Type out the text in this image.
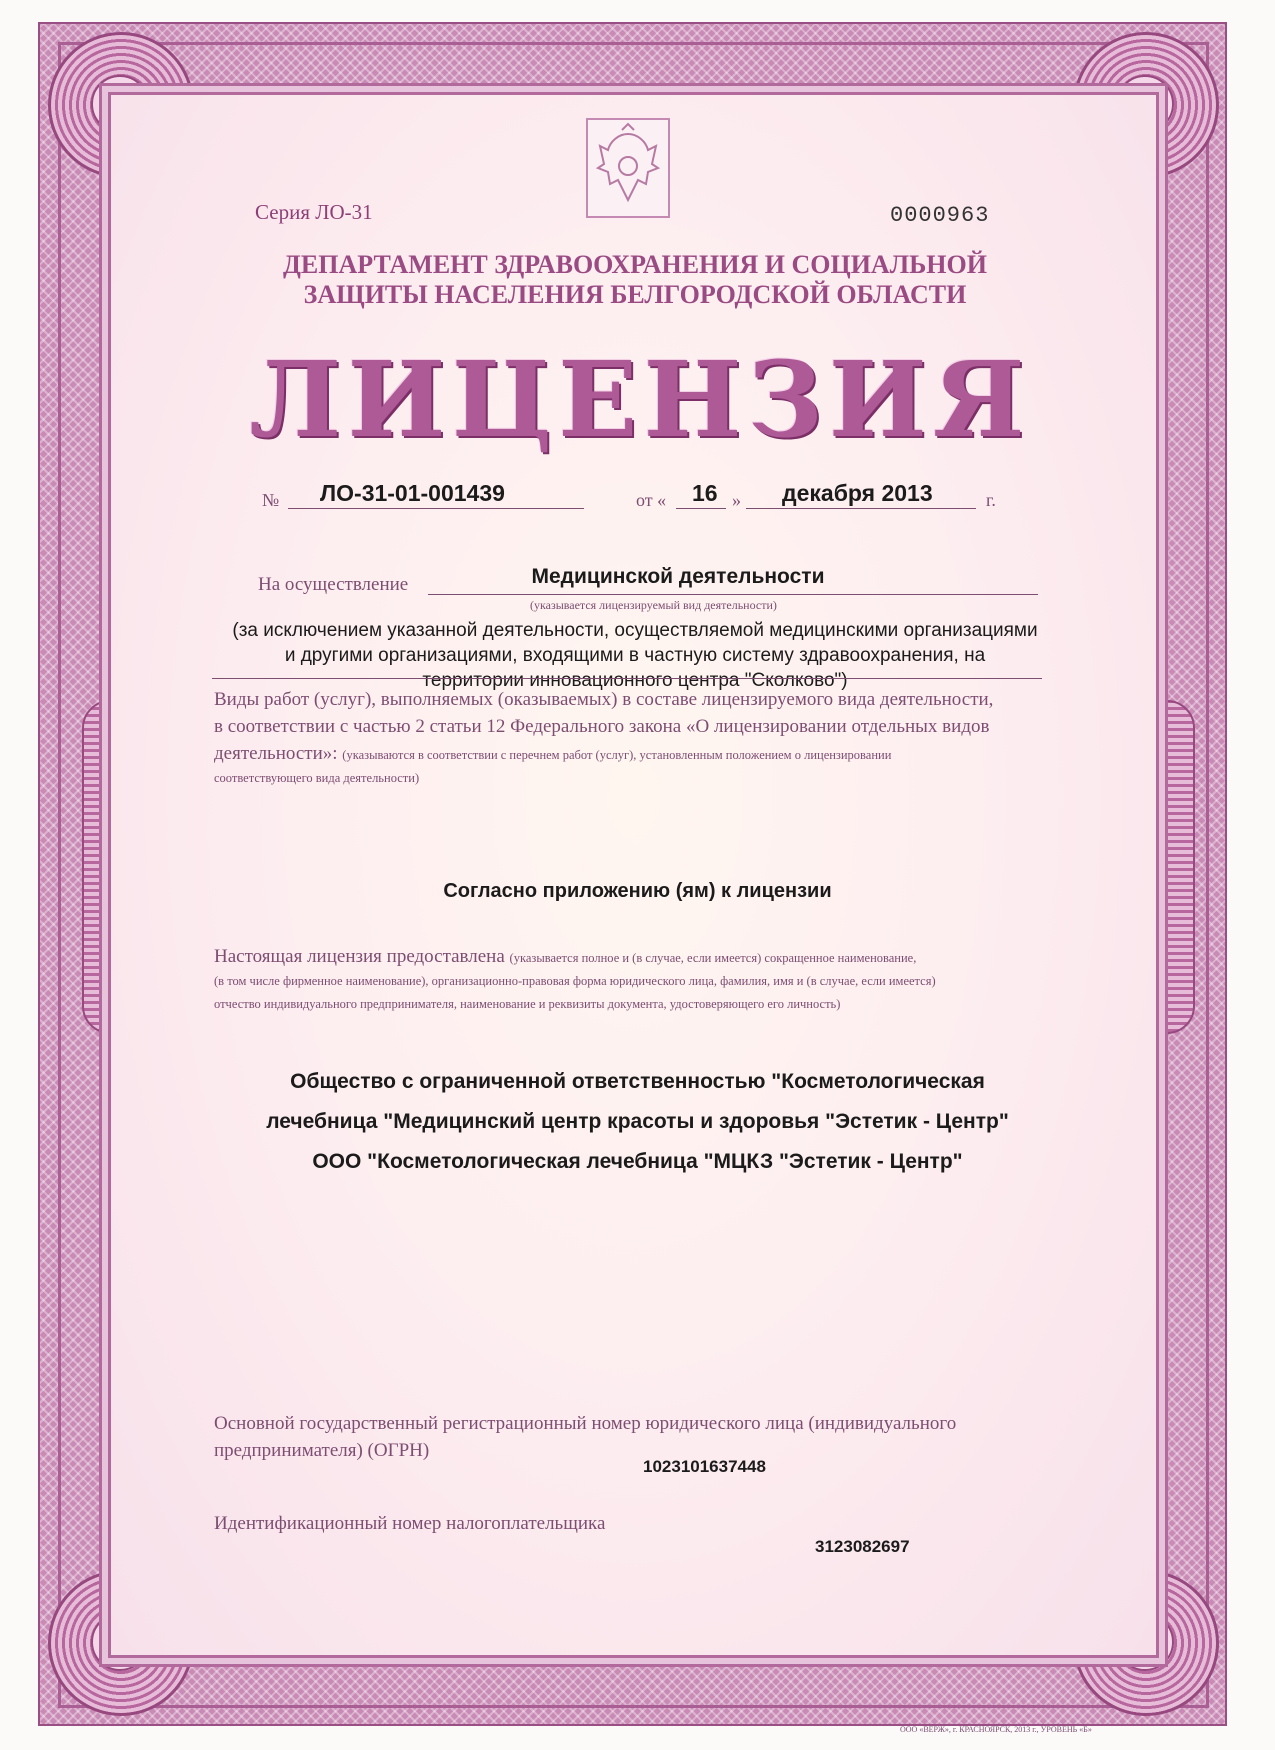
Серия ЛО-31	0000963
ДЕПАРТАМЕНТ ЗДРАВООХРАНЕНИЯ И СОЦИАЛЬНОЙ
ЗАЩИТЫ НАСЕЛЕНИЯ БЕЛГОРОДСКОЙ ОБЛАСТИ
ЛИЦЕНЗИЯ
№ ЛО-31-01-001439	от « 16 » декабря 2013	г.
На осуществление	Медицинской деятельности
(указывается лицензируемый вид деятельности)
(за исключением указанной деятельности, осуществляемой медицинскими организациями
и другими организациями, входящими в частную систему здравоохранения, на
территории инновационного центра "Сколково")
Виды работ (услуг), выполняемых (оказываемых) в составе лицензируемого вида деятельности,
в соответствии с частью 2 статьи 12 Федерального закона «О лицензировании отдельных видов
деятельности»: (указываются в соответствии с перечнем работ (услуг), установленным положением о лицензировании
соответствующего вида деятельности)
Согласно приложению (ям) к лицензии
Настоящая лицензия предоставлена (указывается полное и (в случае, если имеется) сокращенное наименование,
(в том числе фирменное наименование), организационно-правовая форма юридического лица, фамилия, имя и (в случае, если имеется)
отчество индивидуального предпринимателя, наименование и реквизиты документа, удостоверяющего его личность)
Общество с ограниченной ответственностью "Косметологическая
лечебница "Медицинский центр красоты и здоровья "Эстетик - Центр"
ООО "Косметологическая лечебница "МЦКЗ "Эстетик - Центр"
Основной государственный регистрационный номер юридического лица (индивидуального
предпринимателя) (ОГРН)
1023101637448
Идентификационный номер налогоплательщика
3123082697
ООО «ВЕРЖ», г. КРАСНОЯРСК, 2013 г., УРОВЕНЬ «Б»
